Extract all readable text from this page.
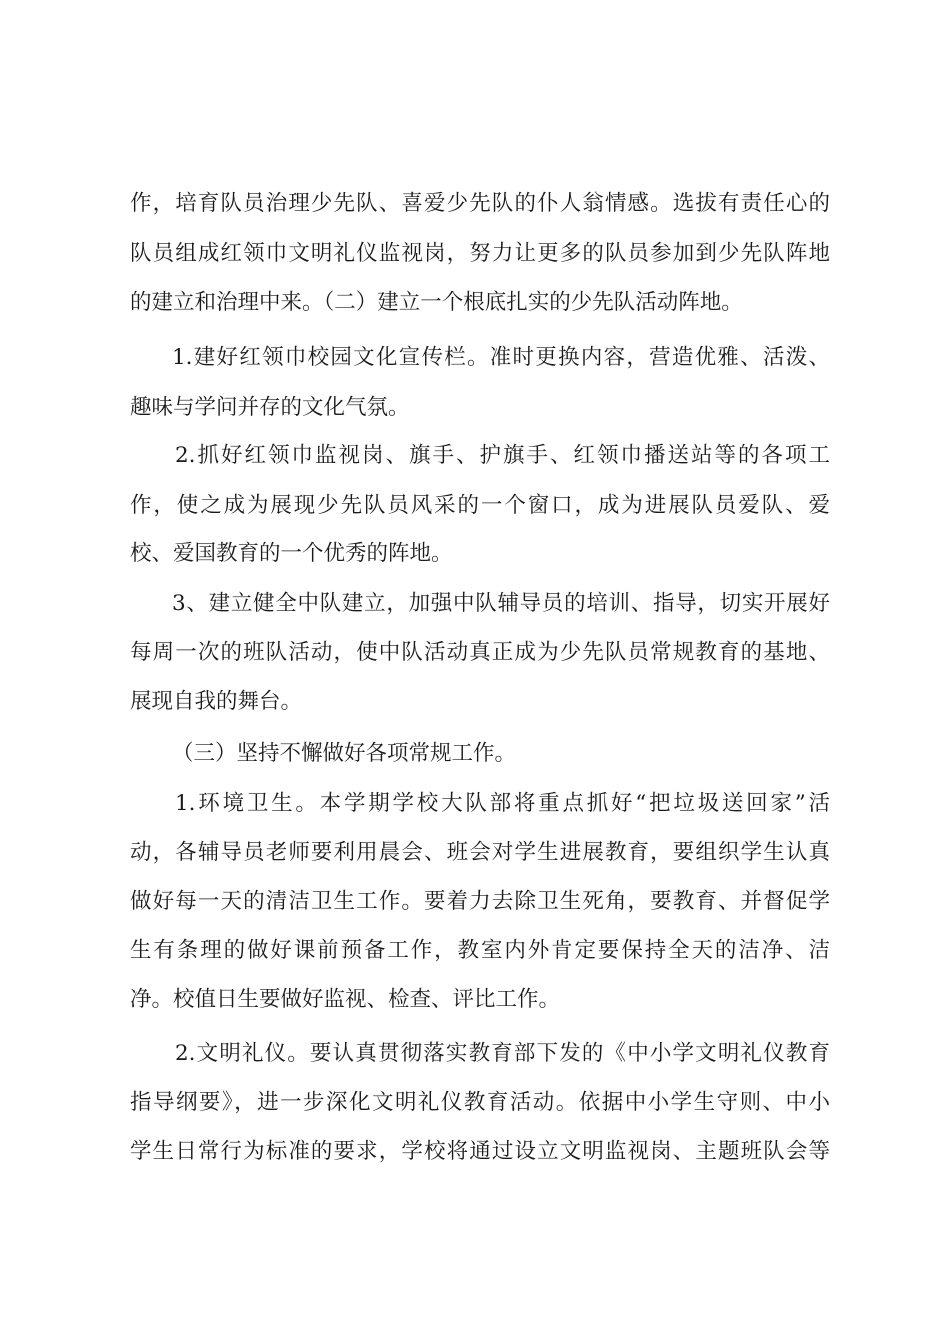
作，培育队员治理少先队、喜爱少先队的仆人翁情感。选拔有责任心的
队员组成红领巾文明礼仪监视岗，努力让更多的队员参加到少先队阵地
的建立和治理中来。（二）建立一个根底扎实的少先队活动阵地。
1.建好红领巾校园文化宣传栏。准时更换内容，营造优雅、活泼、
趣味与学问并存的文化气氛。
2.抓好红领巾监视岗、旗手、护旗手、红领巾播送站等的各项工
作，使之成为展现少先队员风采的一个窗口，成为进展队员爱队、爱
校、爱国教育的一个优秀的阵地。
3、建立健全中队建立，加强中队辅导员的培训、指导，切实开展好
每周一次的班队活动，使中队活动真正成为少先队员常规教育的基地、
展现自我的舞台。
（三）坚持不懈做好各项常规工作。
1.环境卫生。本学期学校大队部将重点抓好“把垃圾送回家”活
动，各辅导员老师要利用晨会、班会对学生进展教育，要组织学生认真
做好每一天的清洁卫生工作。要着力去除卫生死角，要教育、并督促学
生有条理的做好课前预备工作，教室内外肯定要保持全天的洁净、洁
净。校值日生要做好监视、检查、评比工作。
2.文明礼仪。要认真贯彻落实教育部下发的《中小学文明礼仪教育
指导纲要》，进一步深化文明礼仪教育活动。依据中小学生守则、中小
学生日常行为标准的要求，学校将通过设立文明监视岗、主题班队会等
